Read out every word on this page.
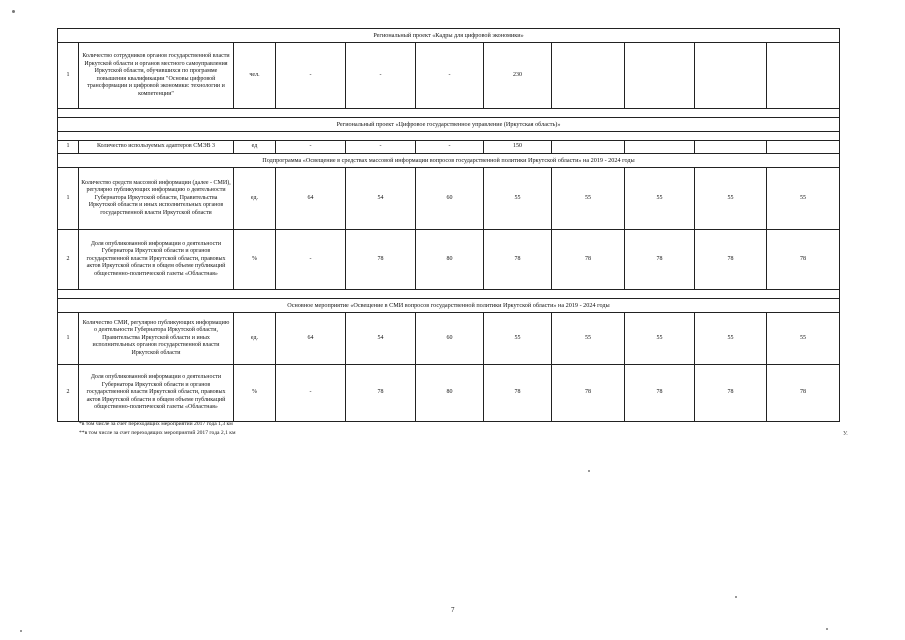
Региональный проект «Кадры для цифровой экономики»										
1	Количество сотрудников органов государственной власти Иркутской области и органов местного самоуправления Иркутской области, обучившихся по программе повышения квалификации "Основы цифровой трансформации и цифровой экономики: технологии и компетенции"	чел.	-	-	-	230				

Региональный проект «Цифровое государственное управление (Иркутская область)»										

1	Количество используемых адаптеров СМЭВ 3	ед	-	-	-	150				
Подпрограмма «Освещение в средствах массовой информации вопросов государственной политики Иркутской области» на 2019 - 2024 годы										
1	Количество средств массовой информации (далее - СМИ), регулярно публикующих информацию о деятельности Губернатора Иркутской области, Правительства Иркутской области и иных исполнительных органов государственной власти Иркутской области	ед.	64	54	60	55	55	55	55	55
2	Доля опубликованной информации о деятельности Губернатора Иркутской области и органов государственной власти Иркутской области, правовых актов Иркутской области в общем объеме публикаций общественно-политической газеты «Областная»	%	-	78	80	78	78	78	78	78

Основное мероприятие «Освещение в СМИ вопросов государственной политики Иркутской области» на 2019 - 2024 годы										
1	Количество СМИ, регулярно публикующих информацию о деятельности Губернатора Иркутской области, Правительства Иркутской области и иных исполнительных органов государственной власти Иркутской области	ед.	64	54	60	55	55	55	55	55
2	Доля опубликованной информации о деятельности Губернатора Иркутской области и органов государственной власти Иркутской области, правовых актов Иркутской области в общем объеме публикаций общественно-политической газеты «Областная»	%	-	78	80	78	78	78	78	78
*в том числе за счет переходящих мероприятий 2017 года 1,3 км
**в том числе за счет переходящих мероприятий 2017 года 2,1 км	У.
7
